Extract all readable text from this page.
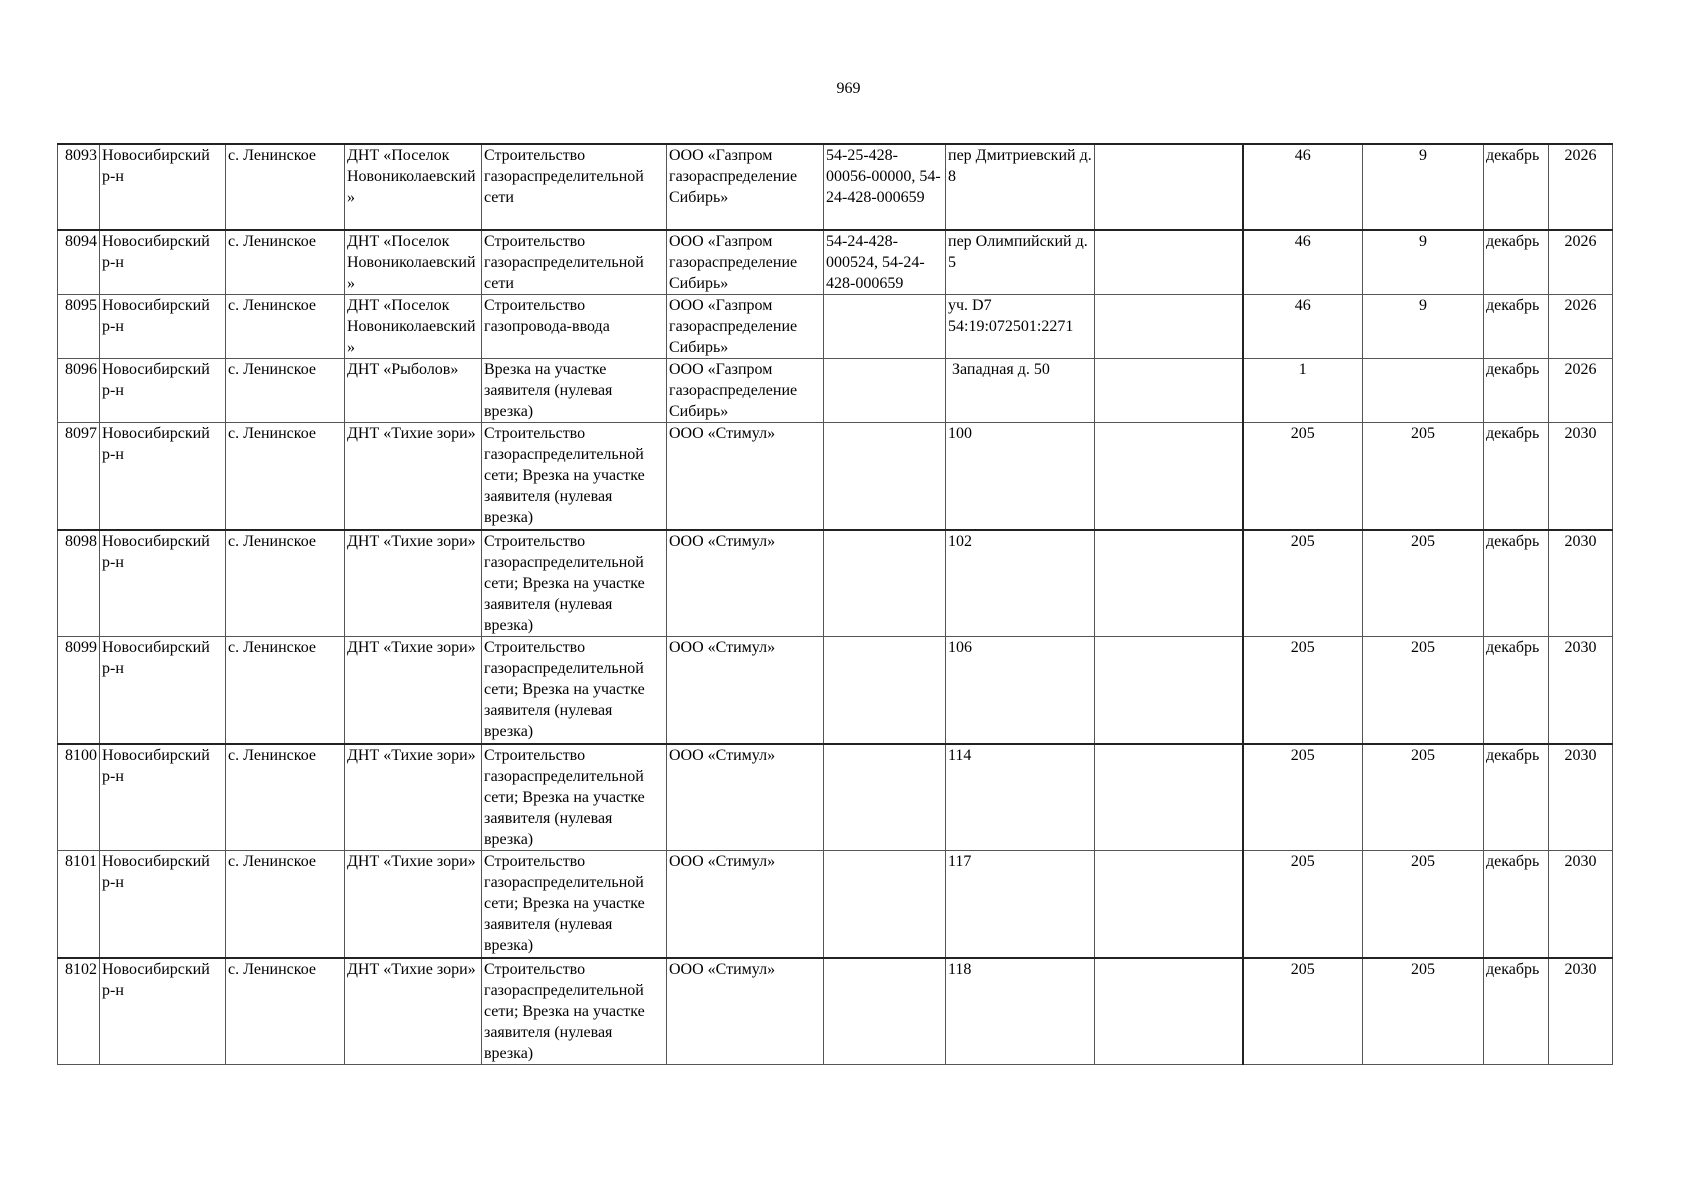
969
8093	Новосибирский р-н	с. Ленинское	ДНТ «Поселок Новониколаевский»	Строительство газораспределительной сети	ООО «Газпром газораспределение Сибирь»	54-25-428-00056-00000, 54-24-428-000659	пер Дмитриевский д. 8		46	9	декабрь	2026
8094	Новосибирский р-н	с. Ленинское	ДНТ «Поселок Новониколаевский»	Строительство газораспределительной сети	ООО «Газпром газораспределение Сибирь»	54-24-428-000524, 54-24-428-000659	пер Олимпийский д. 5		46	9	декабрь	2026
8095	Новосибирский р-н	с. Ленинское	ДНТ «Поселок Новониколаевский»	Строительство газопровода-ввода	ООО «Газпром газораспределение Сибирь»		уч. D7 54:19:072501:2271		46	9	декабрь	2026
8096	Новосибирский р-н	с. Ленинское	ДНТ «Рыболов»	Врезка на участке заявителя (нулевая врезка)	ООО «Газпром газораспределение Сибирь»		Западная д. 50		1		декабрь	2026
8097	Новосибирский р-н	с. Ленинское	ДНТ «Тихие зори»	Строительство газораспределительной сети; Врезка на участке заявителя (нулевая врезка)	ООО «Стимул»		100		205	205	декабрь	2030
8098	Новосибирский р-н	с. Ленинское	ДНТ «Тихие зори»	Строительство газораспределительной сети; Врезка на участке заявителя (нулевая врезка)	ООО «Стимул»		102		205	205	декабрь	2030
8099	Новосибирский р-н	с. Ленинское	ДНТ «Тихие зори»	Строительство газораспределительной сети; Врезка на участке заявителя (нулевая врезка)	ООО «Стимул»		106		205	205	декабрь	2030
8100	Новосибирский р-н	с. Ленинское	ДНТ «Тихие зори»	Строительство газораспределительной сети; Врезка на участке заявителя (нулевая врезка)	ООО «Стимул»		114		205	205	декабрь	2030
8101	Новосибирский р-н	с. Ленинское	ДНТ «Тихие зори»	Строительство газораспределительной сети; Врезка на участке заявителя (нулевая врезка)	ООО «Стимул»		117		205	205	декабрь	2030
8102	Новосибирский р-н	с. Ленинское	ДНТ «Тихие зори»	Строительство газораспределительной сети; Врезка на участке заявителя (нулевая врезка)	ООО «Стимул»		118		205	205	декабрь	2030
